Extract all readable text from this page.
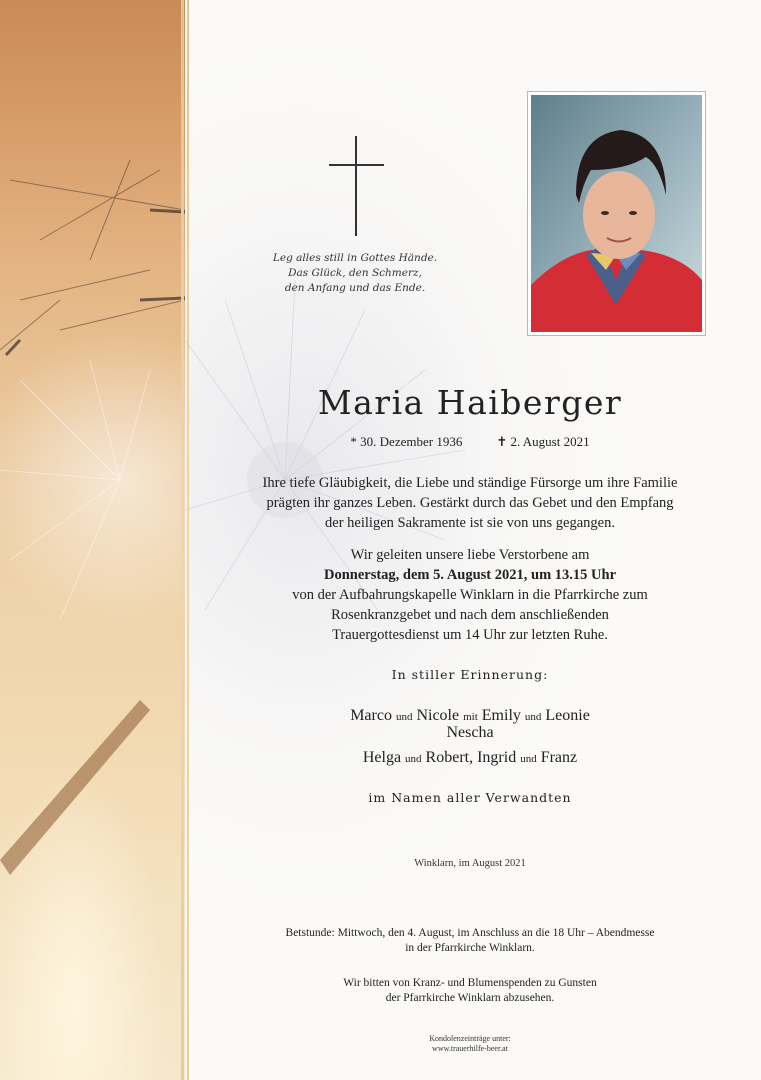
Leg alles still in Gottes Hände.
Das Glück, den Schmerz,
den Anfang und das Ende.
Maria Haiberger
* 30. Dezember 1936	✝ 2. August 2021
Ihre tiefe Gläubigkeit, die Liebe und ständige Fürsorge um ihre Familie
prägten ihr ganzes Leben. Gestärkt durch das Gebet und den Empfang
der heiligen Sakramente ist sie von uns gegangen.
Wir geleiten unsere liebe Verstorbene am
Donnerstag, dem 5. August 2021, um 13.15 Uhr
von der Aufbahrungskapelle Winklarn in die Pfarrkirche zum
Rosenkranzgebet und nach dem anschließenden
Trauergottesdienst um 14 Uhr zur letzten Ruhe.
In stiller Erinnerung:
Marco und Nicole mit Emily und Leonie
Nescha
Helga und Robert, Ingrid und Franz
im Namen aller Verwandten
Winklarn, im August 2021
Betstunde: Mittwoch, den 4. August, im Anschluss an die 18 Uhr – Abendmesse
in der Pfarrkirche Winklarn.
Wir bitten von Kranz- und Blumenspenden zu Gunsten
der Pfarrkirche Winklarn abzusehen.
Kondolenzeinträge unter:
www.trauerhilfe-beer.at
